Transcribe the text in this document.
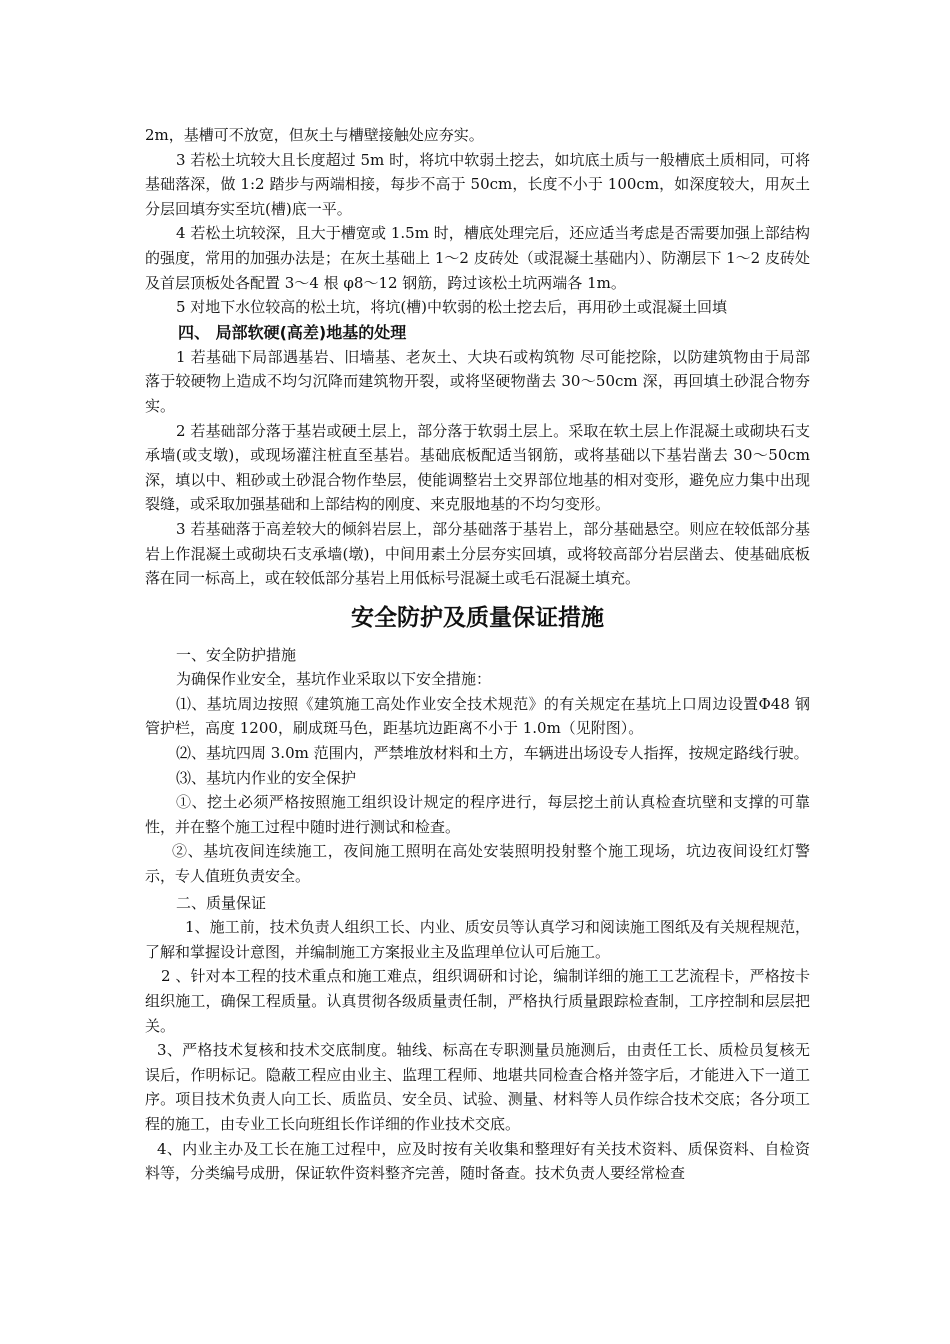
2m，基槽可不放宽，但灰土与槽壁接触处应夯实。

3 若松土坑较大且长度超过 5m 时，将坑中软弱土挖去，如坑底土质与一般槽底土质相同，可将基础落深，做 1:2 踏步与两端相接，每步不高于 50cm，长度不小于 100cm，如深度较大，用灰土分层回填夯实至坑(槽)底一平。

4 若松土坑较深，且大于槽宽或 1.5m 时，槽底处理完后，还应适当考虑是否需要加强上部结构的强度，常用的加强办法是；在灰土基础上 1～2 皮砖处（或混凝土基础内）、防潮层下 1～2 皮砖处及首层顶板处各配置 3～4 根 φ8～12 钢筋，跨过该松土坑两端各 1m。

5 对地下水位较高的松土坑，将坑(槽)中软弱的松土挖去后，再用砂土或混凝土回填

四、 局部软硬(高差)地基的处理

1 若基础下局部遇基岩、旧墙基、老灰土、大块石或构筑物 尽可能挖除，以防建筑物由于局部落于较硬物上造成不均匀沉降而建筑物开裂，或将坚硬物凿去 30～50cm 深，再回填土砂混合物夯实。

2 若基础部分落于基岩或硬土层上，部分落于软弱土层上。采取在软土层上作混凝土或砌块石支承墙(或支墩)，或现场灌注桩直至基岩。基础底板配适当钢筋，或将基础以下基岩凿去 30～50cm 深，填以中、粗砂或土砂混合物作垫层，使能调整岩土交界部位地基的相对变形，避免应力集中出现裂缝，或采取加强基础和上部结构的刚度、来克服地基的不均匀变形。

3 若基础落于高差较大的倾斜岩层上，部分基础落于基岩上，部分基础悬空。则应在较低部分基岩上作混凝土或砌块石支承墙(墩)，中间用素土分层夯实回填，或将较高部分岩层凿去、使基础底板落在同一标高上，或在较低部分基岩上用低标号混凝土或毛石混凝土填充。

安全防护及质量保证措施

一、安全防护措施

为确保作业安全，基坑作业采取以下安全措施：

⑴、基坑周边按照《建筑施工高处作业安全技术规范》的有关规定在基坑上口周边设置Φ48 钢管护栏，高度 1200，刷成斑马色，距基坑边距离不小于 1.0m（见附图）。

⑵、基坑四周 3.0m 范围内，严禁堆放材料和土方，车辆进出场设专人指挥，按规定路线行驶。

⑶、基坑内作业的安全保护

①、挖土必须严格按照施工组织设计规定的程序进行，每层挖土前认真检查坑壁和支撑的可靠性，并在整个施工过程中随时进行测试和检查。

②、基坑夜间连续施工，夜间施工照明在高处安装照明投射整个施工现场，坑边夜间设红灯警示，专人值班负责安全。

二、质量保证

1、施工前，技术负责人组织工长、内业、质安员等认真学习和阅读施工图纸及有关规程规范，了解和掌握设计意图，并编制施工方案报业主及监理单位认可后施工。

2 、针对本工程的技术重点和施工难点，组织调研和讨论，编制详细的施工工艺流程卡，严格按卡组织施工，确保工程质量。认真贯彻各级质量责任制，严格执行质量跟踪检查制，工序控制和层层把关。

3、严格技术复核和技术交底制度。轴线、标高在专职测量员施测后，由责任工长、质检员复核无误后，作明标记。隐蔽工程应由业主、监理工程师、地堪共同检查合格并签字后，才能进入下一道工序。项目技术负责人向工长、质监员、安全员、试验、测量、材料等人员作综合技术交底；各分项工程的施工，由专业工长向班组长作详细的作业技术交底。

4、内业主办及工长在施工过程中，应及时按有关收集和整理好有关技术资料、质保资料、自检资料等，分类编号成册，保证软件资料整齐完善，随时备查。技术负责人要经常检查
